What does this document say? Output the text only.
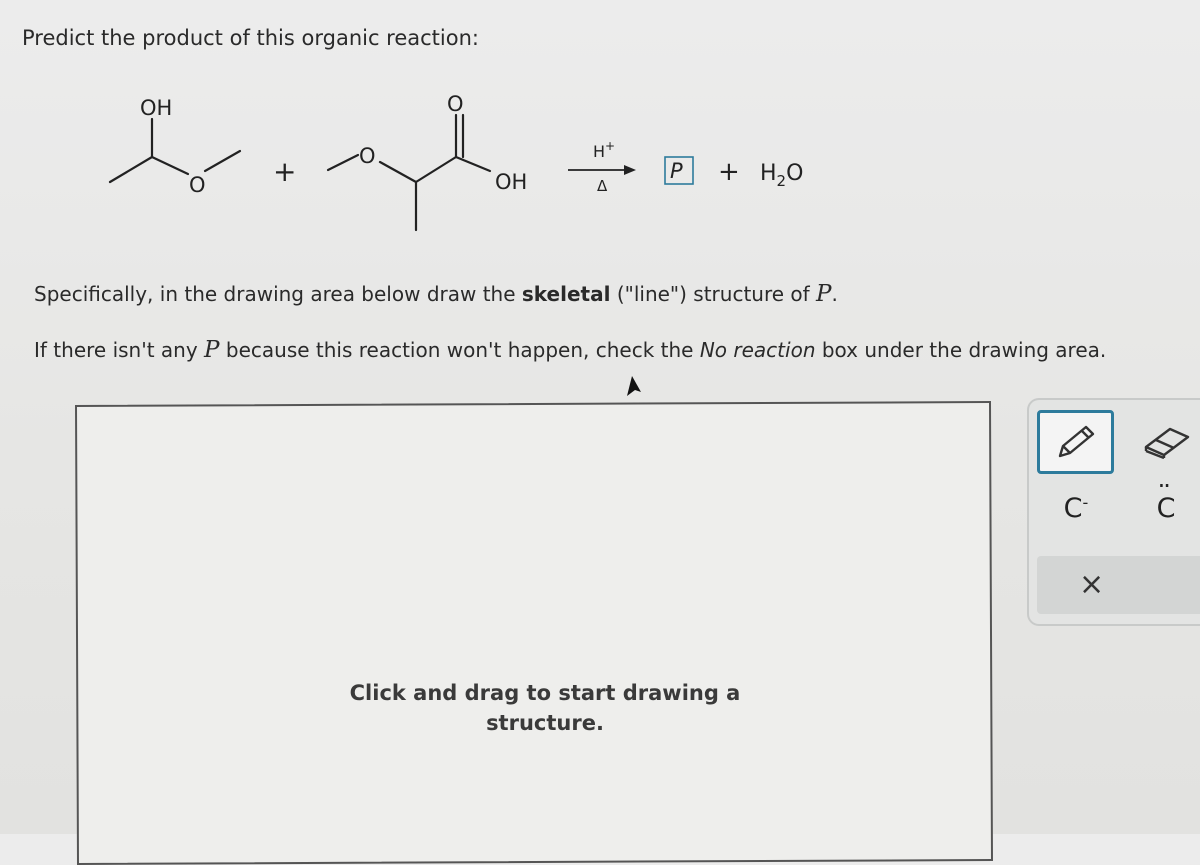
Predict the product of this organic reaction:
OH
O +	O
O
OH
H+
Δ
$P + H_2O$
Specifically, in the drawing area below draw the skeletal ("line") structure of P.
If there isn't any P because this reaction won't happen, check the No reaction box under the drawing area.
Click and drag to start drawing a
structure.
C-	·· C
×
